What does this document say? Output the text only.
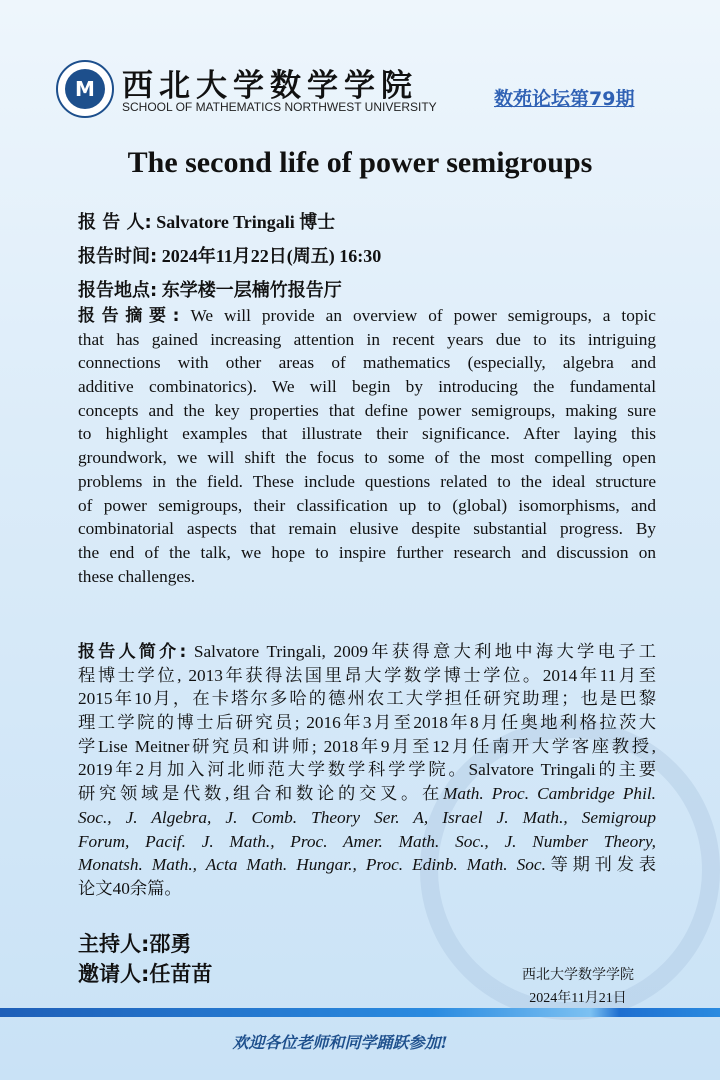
M 西北大学数学学院
SCHOOL OF MATHEMATICS NORTHWEST UNIVERSITY	数苑论坛第79期
The second life of power semigroups
报 告 人: Salvatore Tringali 博士
报告时间: 2024年11月22日(周五) 16:30
报告地点: 东学楼一层楠竹报告厅
报告摘要: We will provide an overview of power semigroups, a topic
that has gained increasing attention in recent years due to its intriguing
connections with other areas of mathematics (especially, algebra and
additive combinatorics). We will begin by introducing the fundamental
concepts and the key properties that define power semigroups, making sure
to highlight examples that illustrate their significance. After laying this
groundwork, we will shift the focus to some of the most compelling open
problems in the field. These include questions related to the ideal structure
of power semigroups, their classification up to (global) isomorphisms, and
combinatorial aspects that remain elusive despite substantial progress. By
the end of the talk, we hope to inspire further research and discussion on
these challenges.
报告人简介: Salvatore Tringali, 2009年获得意大利地中海大学电子工
程博士学位, 2013年获得法国里昂大学数学博士学位。2014年11月至
2015年10月，在卡塔尔多哈的德州农工大学担任研究助理；也是巴黎
理工学院的博士后研究员; 2016年3月至2018年8月任奥地利格拉茨大
学Lise Meitner研究员和讲师; 2018年9月至12月任南开大学客座教授,
2019年2月加入河北师范大学数学科学学院。Salvatore Tringali的主要
研究领域是代数,组合和数论的交叉。在Math. Proc. Cambridge Phil.
Soc., J. Algebra, J. Comb. Theory Ser. A, Israel J. Math., Semigroup
Forum, Pacif. J. Math., Proc. Amer. Math. Soc., J. Number Theory,
Monatsh. Math., Acta Math. Hungar., Proc. Edinb. Math. Soc.等期刊发表
论文40余篇。
主持人:邵勇
邀请人:任苗苗	西北大学数学学院
2024年11月21日
欢迎各位老师和同学踊跃参加!
